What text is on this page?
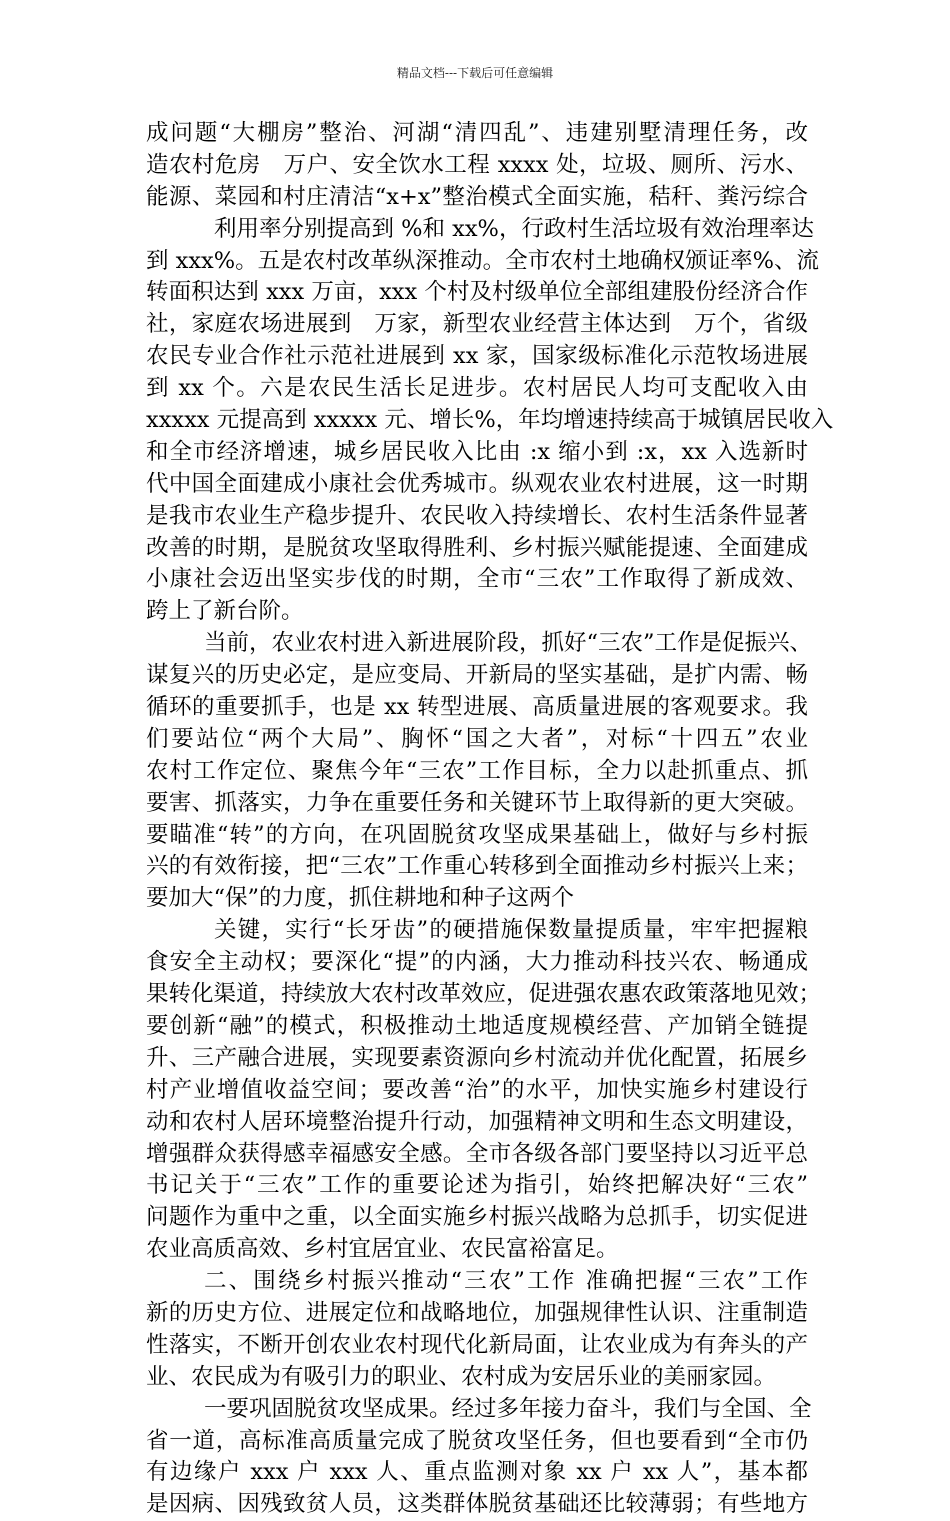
精品文档---下载后可任意编辑
成问题“大棚房”整治、河湖“清四乱”、违建别墅清理任务，改
造农村危房　万户、安全饮水工程 xxxx 处，垃圾、厕所、污水、
能源、菜园和村庄清洁“x+x”整治模式全面实施，秸秆、粪污综合
利用率分别提高到 %和 xx%，行政村生活垃圾有效治理率达
到 xxx%。五是农村改革纵深推动。全市农村土地确权颁证率%、流
转面积达到 xxx 万亩，xxx 个村及村级单位全部组建股份经济合作
社，家庭农场进展到　万家，新型农业经营主体达到　万个，省级
农民专业合作社示范社进展到 xx 家，国家级标准化示范牧场进展
到 xx 个。六是农民生活长足进步。农村居民人均可支配收入由
xxxxx 元提高到 xxxxx 元、增长%，年均增速持续高于城镇居民收入
和全市经济增速，城乡居民收入比由 :x 缩小到 :x，xx 入选新时
代中国全面建成小康社会优秀城市。纵观农业农村进展，这一时期
是我市农业生产稳步提升、农民收入持续增长、农村生活条件显著
改善的时期，是脱贫攻坚取得胜利、乡村振兴赋能提速、全面建成
小康社会迈出坚实步伐的时期，全市“三农”工作取得了新成效、
跨上了新台阶。
当前，农业农村进入新进展阶段，抓好“三农”工作是促振兴、
谋复兴的历史必定，是应变局、开新局的坚实基础，是扩内需、畅
循环的重要抓手，也是 xx 转型进展、高质量进展的客观要求。我
们要站位“两个大局”、胸怀“国之大者”，对标“十四五”农业
农村工作定位、聚焦今年“三农”工作目标，全力以赴抓重点、抓
要害、抓落实，力争在重要任务和关键环节上取得新的更大突破。
要瞄准“转”的方向，在巩固脱贫攻坚成果基础上，做好与乡村振
兴的有效衔接，把“三农”工作重心转移到全面推动乡村振兴上来；
要加大“保”的力度，抓住耕地和种子这两个
关键，实行“长牙齿”的硬措施保数量提质量，牢牢把握粮
食安全主动权；要深化“提”的内涵，大力推动科技兴农、畅通成
果转化渠道，持续放大农村改革效应，促进强农惠农政策落地见效；
要创新“融”的模式，积极推动土地适度规模经营、产加销全链提
升、三产融合进展，实现要素资源向乡村流动并优化配置，拓展乡
村产业增值收益空间；要改善“治”的水平，加快实施乡村建设行
动和农村人居环境整治提升行动，加强精神文明和生态文明建设，
增强群众获得感幸福感安全感。全市各级各部门要坚持以习近平总
书记关于“三农”工作的重要论述为指引，始终把解决好“三农”
问题作为重中之重，以全面实施乡村振兴战略为总抓手，切实促进
农业高质高效、乡村宜居宜业、农民富裕富足。
二、围绕乡村振兴推动“三农”工作 准确把握“三农”工作
新的历史方位、进展定位和战略地位，加强规律性认识、注重制造
性落实，不断开创农业农村现代化新局面，让农业成为有奔头的产
业、农民成为有吸引力的职业、农村成为安居乐业的美丽家园。
一要巩固脱贫攻坚成果。经过多年接力奋斗，我们与全国、全
省一道，高标准高质量完成了脱贫攻坚任务，但也要看到“全市仍
有边缘户 xxx 户 xxx 人、重点监测对象 xx 户 xx 人”，基本都
是因病、因残致贫人员，这类群体脱贫基础还比较薄弱；有些地方
